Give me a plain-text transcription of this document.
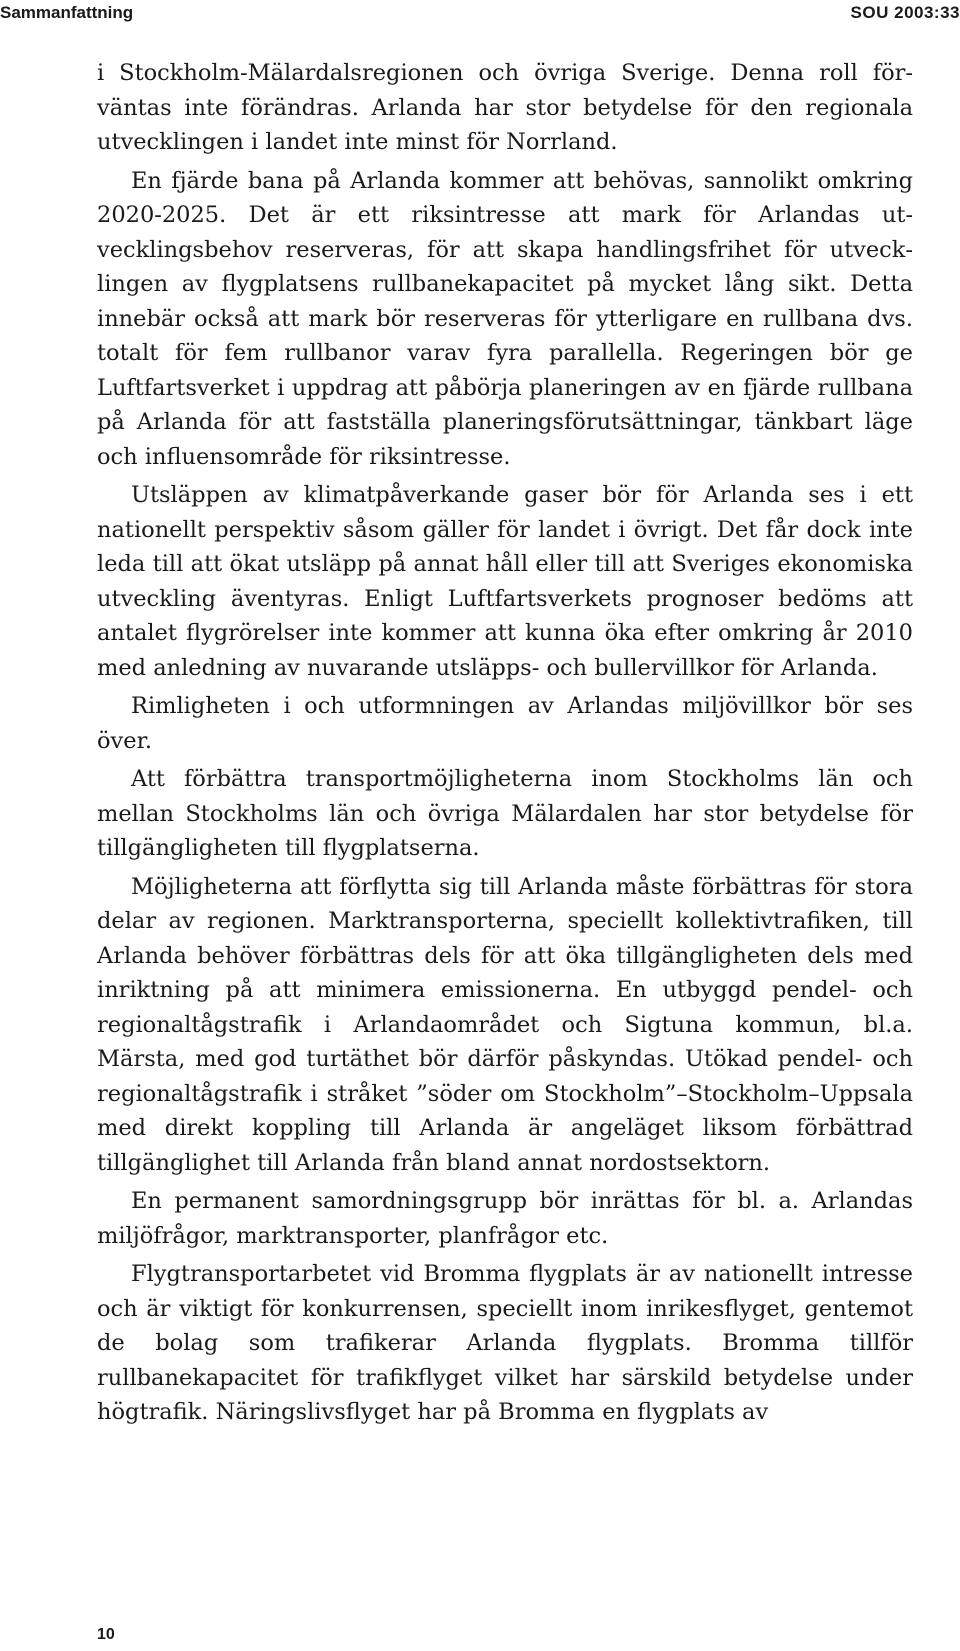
Sammanfattning	SOU 2003:33

i Stockholm-Mälardalsregionen och övriga Sverige. Denna roll förväntas inte förändras. Arlanda har stor betydelse för den regionala utvecklingen i landet inte minst för Norrland.

En fjärde bana på Arlanda kommer att behövas, sannolikt omkring 2020-2025. Det är ett riksintresse att mark för Arlandas utvecklingsbehov reserveras, för att skapa handlingsfrihet för utvecklingen av flygplatsens rullbanekapacitet på mycket lång sikt. Detta innebär också att mark bör reserveras för ytterligare en rullbana dvs. totalt för fem rullbanor varav fyra parallella. Regeringen bör ge Luftfartsverket i uppdrag att påbörja planeringen av en fjärde rullbana på Arlanda för att fastställa planeringsförutsättningar, tänkbart läge och influensområde för riksintresse.

Utsläppen av klimatpåverkande gaser bör för Arlanda ses i ett nationellt perspektiv såsom gäller för landet i övrigt. Det får dock inte leda till att ökat utsläpp på annat håll eller till att Sveriges ekonomiska utveckling äventyras. Enligt Luftfartsverkets prognoser bedöms att antalet flygrörelser inte kommer att kunna öka efter omkring år 2010 med anledning av nuvarande utsläpps- och bullervillkor för Arlanda.

Rimligheten i och utformningen av Arlandas miljövillkor bör ses över.

Att förbättra transportmöjligheterna inom Stockholms län och mellan Stockholms län och övriga Mälardalen har stor betydelse för tillgängligheten till flygplatserna.

Möjligheterna att förflytta sig till Arlanda måste förbättras för stora delar av regionen. Marktransporterna, speciellt kollektivtrafiken, till Arlanda behöver förbättras dels för att öka tillgängligheten dels med inriktning på att minimera emissionerna. En utbyggd pendel- och regionaltågstrafik i Arlandaområdet och Sigtuna kommun, bl.a. Märsta, med god turtäthet bör därför påskyndas. Utökad pendel- och regionaltågstrafik i stråket ”söder om Stockholm”–Stockholm–Uppsala med direkt koppling till Arlanda är angeläget liksom förbättrad tillgänglighet till Arlanda från bland annat nordostsektorn.

En permanent samordningsgrupp bör inrättas för bl. a. Arlandas miljöfrågor, marktransporter, planfrågor etc.

Flygtransportarbetet vid Bromma flygplats är av nationellt intresse och är viktigt för konkurrensen, speciellt inom inrikesflyget, gentemot de bolag som trafikerar Arlanda flygplats. Bromma tillför rullbanekapacitet för trafikflyget vilket har särskild betydelse under högtrafik. Näringslivsflyget har på Bromma en flygplats av

10
